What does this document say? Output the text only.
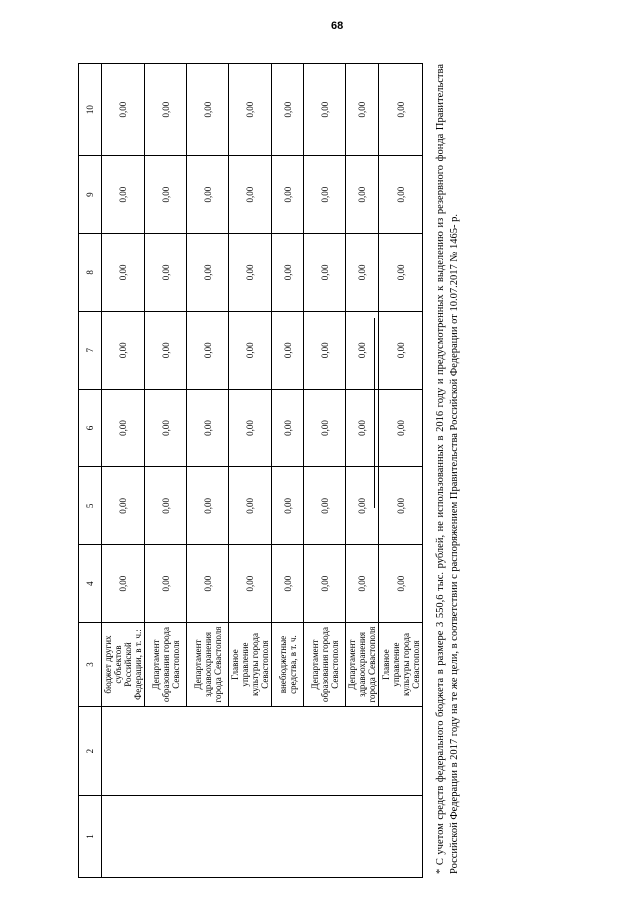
68
1	2	3	4	5	6	7	8	9	10
		бюджет других субъектов Российской Федерации, в т. ч.:	0,00	0,00	0,00	0,00	0,00	0,00	0,00
		Департамент образования города Севастополя	0,00	0,00	0,00	0,00	0,00	0,00	0,00
		Департамент здравоохранения города Севастополя	0,00	0,00	0,00	0,00	0,00	0,00	0,00
		Главное управление культуры города Севастополя	0,00	0,00	0,00	0,00	0,00	0,00	0,00
		внебюджетные средства, в т. ч.	0,00	0,00	0,00	0,00	0,00	0,00	0,00
		Департамент образования города Севастополя	0,00	0,00	0,00	0,00	0,00	0,00	0,00
		Департамент здравоохранения города Севастополя	0,00	0,00	0,00	0,00	0,00	0,00	0,00
		Главное управление культуры города Севастополя	0,00	0,00	0,00	0,00	0,00	0,00	0,00	* С учетом средств федерального бюджета в размере 3 550,6 тыс. рублей, не использованных в 2016 году и предусмотренных к выделению из резервного фонда Правительства Российской Федерации в 2017 году на те же цели, в соответствии с распоряжением Правительства Российской Федерации от 10.07.2017 № 1465- р.
